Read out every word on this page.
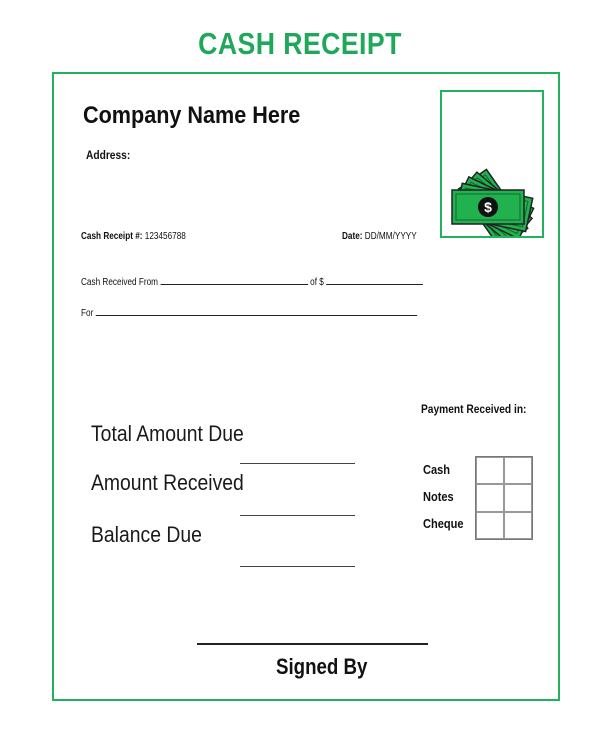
CASH RECEIPT
Company Name Here
Address:
$
Cash Receipt #: 123456788	Date: DD/MM/YYYY
Cash Received From	of $
For
Payment Received in:
Total Amount Due
Amount Received
Balance Due
Cash
Notes
Cheque
Signed By
